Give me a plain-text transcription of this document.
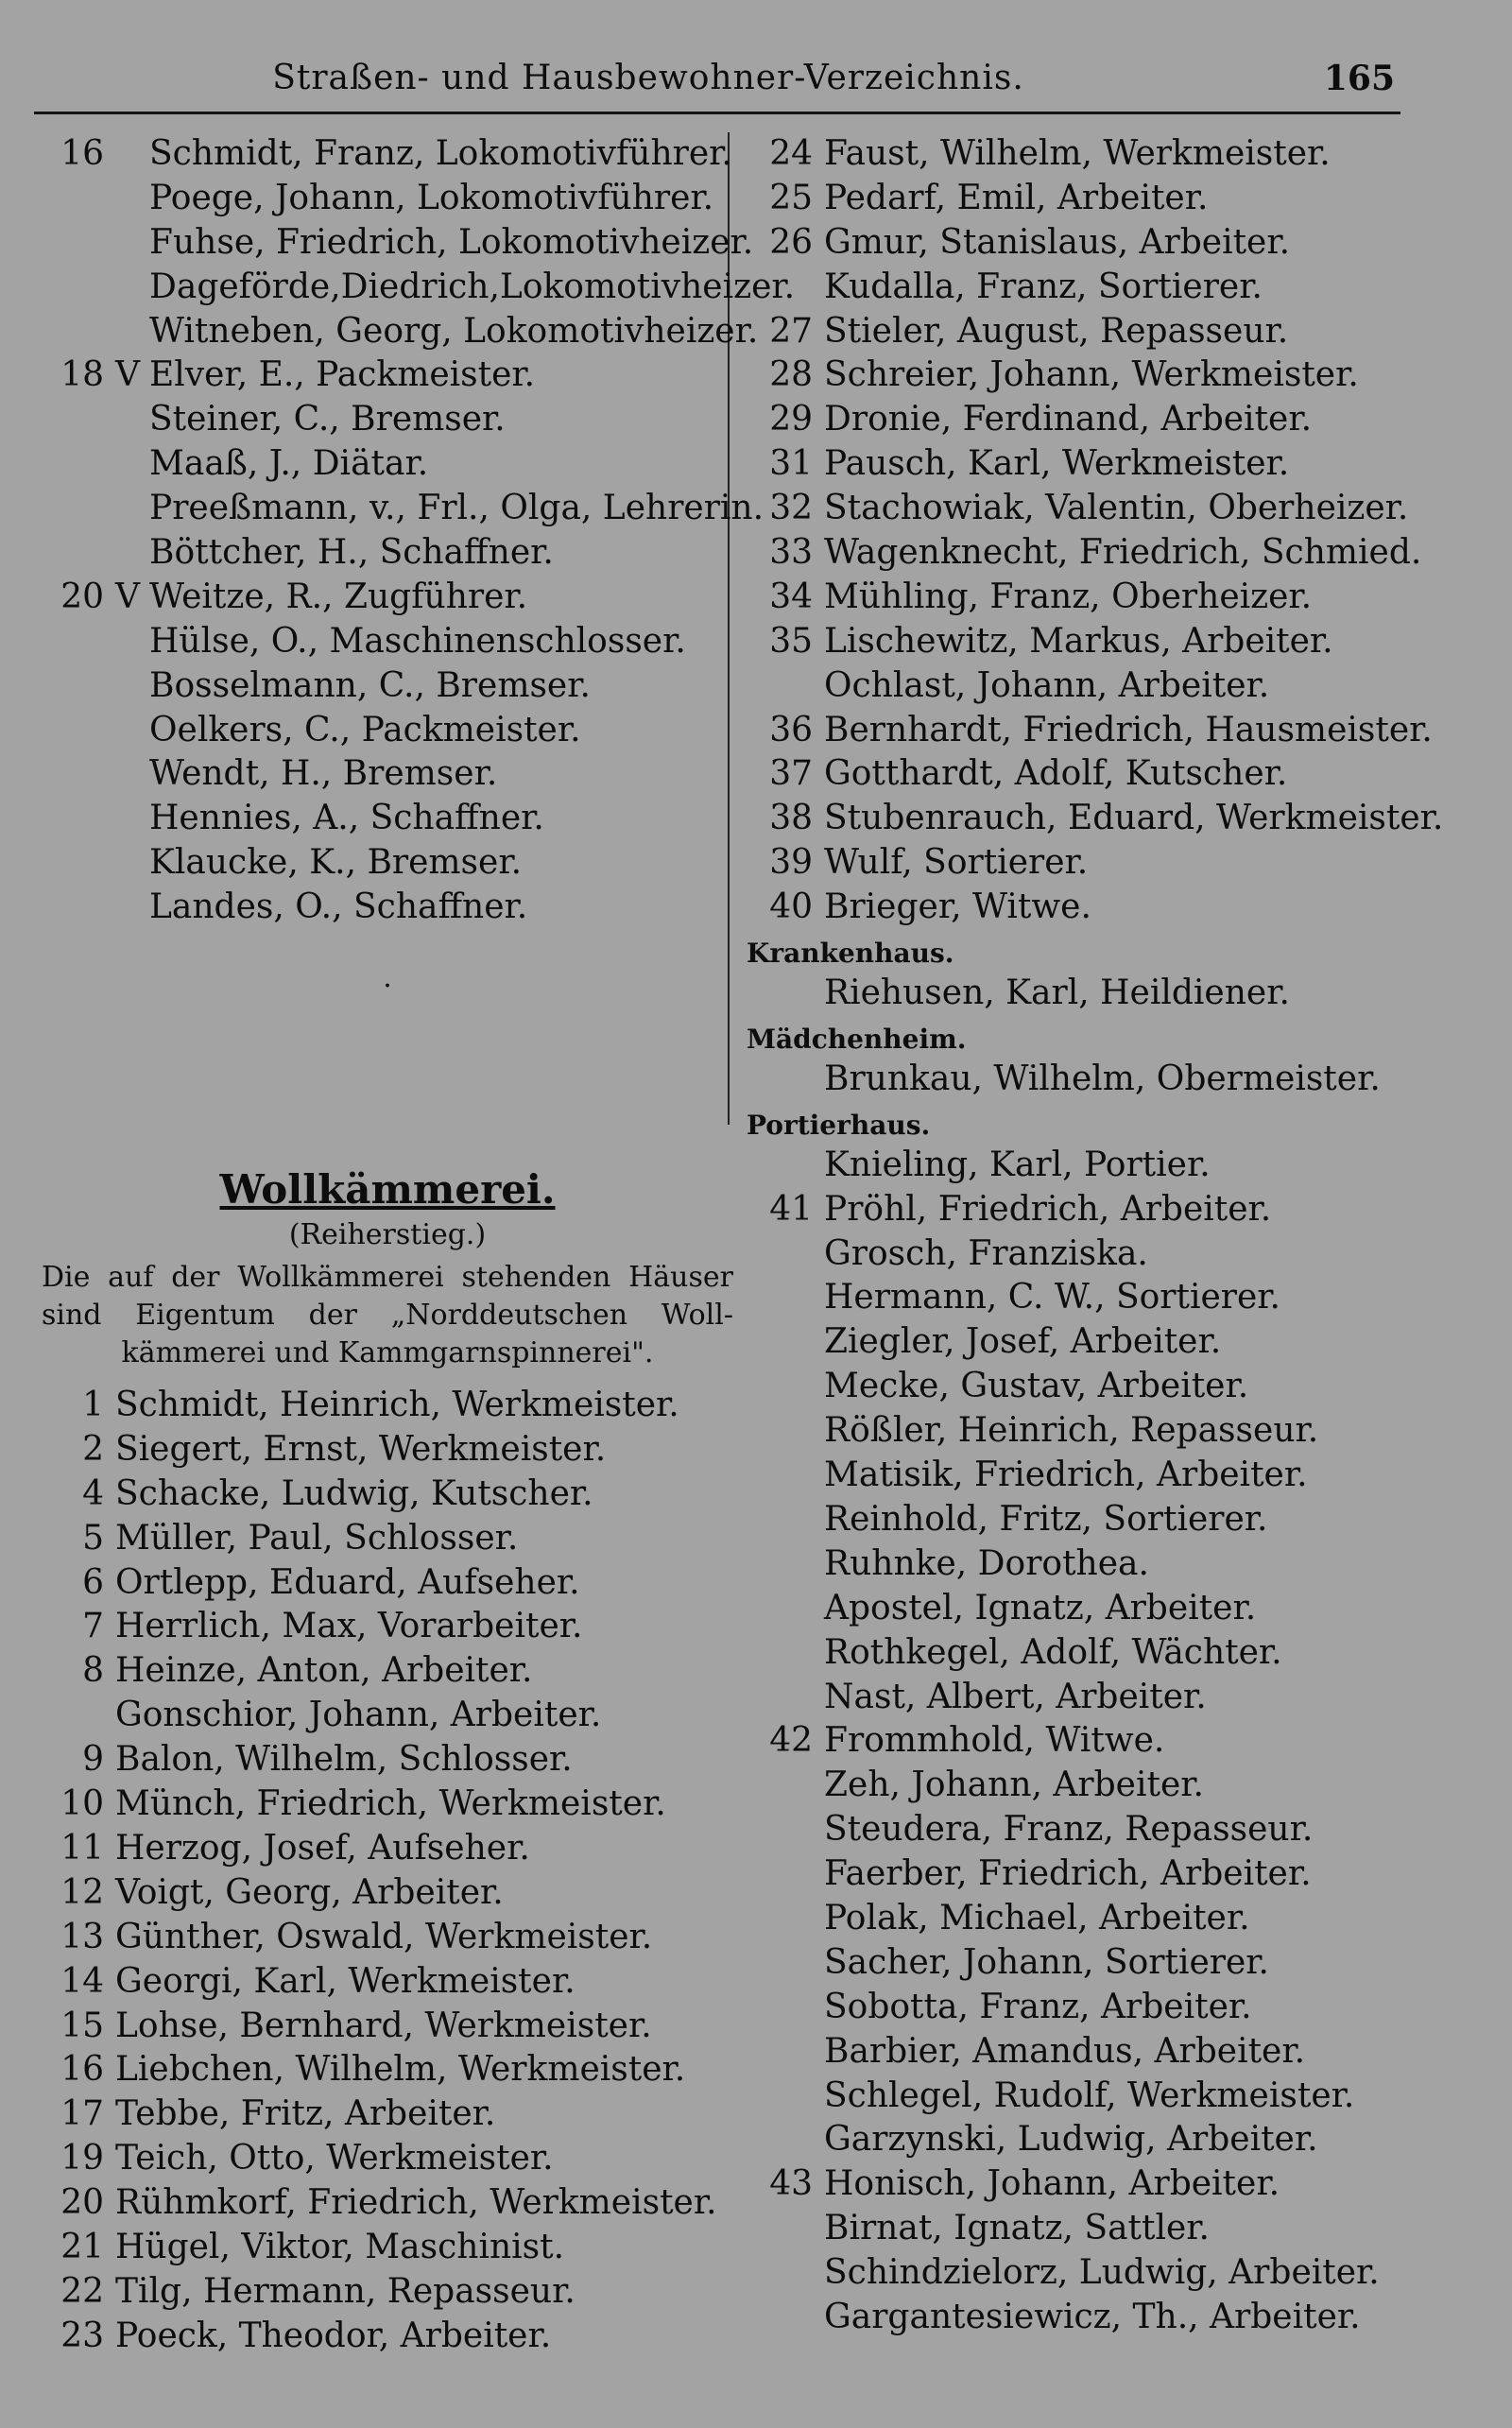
Straßen- und Hausbewohner-Verzeichnis.	165
16 Schmidt, Franz, Lokomotivführer.
Poege, Johann, Lokomotivführer.
Fuhse, Friedrich, Lokomotivheizer.
Dageförde,Diedrich,Lokomotivheizer.
Witneben, Georg, Lokomotivheizer.
18 V Elver, E., Packmeister.
Steiner, C., Bremser.
Maaß, J., Diätar.
Preeßmann, v., Frl., Olga, Lehrerin.
Böttcher, H., Schaffner.
20 V Weitze, R., Zugführer.
Hülse, O., Maschinenschlosser.
Bosselmann, C., Bremser.
Oelkers, C., Packmeister.
Wendt, H., Bremser.
Hennies, A., Schaffner.
Klaucke, K., Bremser.
Landes, O., Schaffner.
·
Wollkämmerei.
(Reiherstieg.)
Die auf der Wollkämmerei stehenden Häuser sind Eigentum der „Norddeutschen Woll- kämmerei und Kammgarnspinnerei".
1 Schmidt, Heinrich, Werkmeister.
2 Siegert, Ernst, Werkmeister.
4 Schacke, Ludwig, Kutscher.
5 Müller, Paul, Schlosser.
6 Ortlepp, Eduard, Aufseher.
7 Herrlich, Max, Vorarbeiter.
8 Heinze, Anton, Arbeiter.
Gonschior, Johann, Arbeiter.
9 Balon, Wilhelm, Schlosser.
10 Münch, Friedrich, Werkmeister.
11 Herzog, Josef, Aufseher.
12 Voigt, Georg, Arbeiter.
13 Günther, Oswald, Werkmeister.
14 Georgi, Karl, Werkmeister.
15 Lohse, Bernhard, Werkmeister.
16 Liebchen, Wilhelm, Werkmeister.
17 Tebbe, Fritz, Arbeiter.
19 Teich, Otto, Werkmeister.
20 Rühmkorf, Friedrich, Werkmeister.
21 Hügel, Viktor, Maschinist.
22 Tilg, Hermann, Repasseur.
23 Poeck, Theodor, Arbeiter.
24 Faust, Wilhelm, Werkmeister.
25 Pedarf, Emil, Arbeiter.
26 Gmur, Stanislaus, Arbeiter.
Kudalla, Franz, Sortierer.
27 Stieler, August, Repasseur.
28 Schreier, Johann, Werkmeister.
29 Dronie, Ferdinand, Arbeiter.
31 Pausch, Karl, Werkmeister.
32 Stachowiak, Valentin, Oberheizer.
33 Wagenknecht, Friedrich, Schmied.
34 Mühling, Franz, Oberheizer.
35 Lischewitz, Markus, Arbeiter.
Ochlast, Johann, Arbeiter.
36 Bernhardt, Friedrich, Hausmeister.
37 Gotthardt, Adolf, Kutscher.
38 Stubenrauch, Eduard, Werkmeister.
39 Wulf, Sortierer.
40 Brieger, Witwe.
Krankenhaus.
Riehusen, Karl, Heildiener.
Mädchenheim.
Brunkau, Wilhelm, Obermeister.
Portierhaus.
Knieling, Karl, Portier.
41 Pröhl, Friedrich, Arbeiter.
Grosch, Franziska.
Hermann, C. W., Sortierer.
Ziegler, Josef, Arbeiter.
Mecke, Gustav, Arbeiter.
Rößler, Heinrich, Repasseur.
Matisik, Friedrich, Arbeiter.
Reinhold, Fritz, Sortierer.
Ruhnke, Dorothea.
Apostel, Ignatz, Arbeiter.
Rothkegel, Adolf, Wächter.
Nast, Albert, Arbeiter.
42 Frommhold, Witwe.
Zeh, Johann, Arbeiter.
Steudera, Franz, Repasseur.
Faerber, Friedrich, Arbeiter.
Polak, Michael, Arbeiter.
Sacher, Johann, Sortierer.
Sobotta, Franz, Arbeiter.
Barbier, Amandus, Arbeiter.
Schlegel, Rudolf, Werkmeister.
Garzynski, Ludwig, Arbeiter.
43 Honisch, Johann, Arbeiter.
Birnat, Ignatz, Sattler.
Schindzielorz, Ludwig, Arbeiter.
Gargantesiewicz, Th., Arbeiter.
